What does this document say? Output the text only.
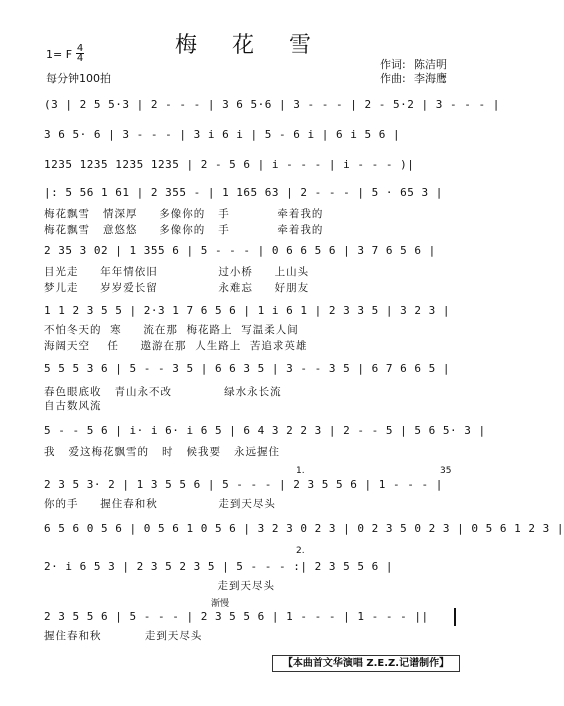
梅 花 雪
1= F 4
4
每分钟100拍
作词: 陈洁明
作曲: 李海鹰
(3 | 2 5 5·3 | 2 - - - | 3 6 5·6 | 3 - - - | 2 - 5·2 | 3 - - - |
3 6 5· 6 | 3 - - - | 3 i 6 i | 5 - 6 i | 6 i 5 6 |
1235 1235 1235 1235 | 2 - 5 6 | i - - - | i - - - )|
|: 5 56 1 61 | 2 355 - | 1 165 63 | 2 - - - | 5 · 65 3 |
梅花飘雪   情深厚     多像你的   手           牵着我的
梅花飘雪   意悠悠     多像你的   手           牵着我的
2 35 3 02 | 1 355 6 | 5 - - - | 0 6 6 5 6 | 3 7 6 5 6 |
目光走     年年情依旧              过小桥     上山头
梦儿走     岁岁爱长留              永难忘     好朋友
1 1 2 3 5 5 | 2·3 1 7 6 5 6 | 1 i 6 1 | 2 3 3 5 | 3 2 3 |
不怕冬天的  寒     流在那  梅花路上  写温柔人间
海阔天空    任     遨游在那  人生路上  苦追求英雄
5 5 5 3 6 | 5 - - 3 5 | 6 6 3 5 | 3 - - 3 5 | 6 7 6 6 5 |
春色眼底收   青山永不改            绿水永长流
自古数风流
5 - - 5 6 | i· i 6· i 6 5 | 6 4 3 2 2 3 | 2 - - 5 | 5 6 5· 3 |
我   爱这梅花飘雪的   时   候我要   永远握住
1.	35
2 3 5 3· 2 | 1 3 5 5 6 | 5 - - - | 2 3 5 5 6 | 1 - - - |
你的手     握住春和秋              走到天尽头
6 5 6 0 5 6 | 0 5 6 1 0 5 6 | 3 2 3 0 2 3 | 0 2 3 5 0 2 3 | 0 5 6 1 2 3 |
2.
2· i 6 5 3 | 2 3 5 2 3 5 | 5 - - - :| 2 3 5 5 6 |
走到天尽头
渐慢
2 3 5 5 6 | 5 - - - | 2 3 5 5 6 | 1 - - - | 1 - - - ||
握住春和秋          走到天尽头
【本曲首文华演唱 Z.E.Z.记谱制作】
